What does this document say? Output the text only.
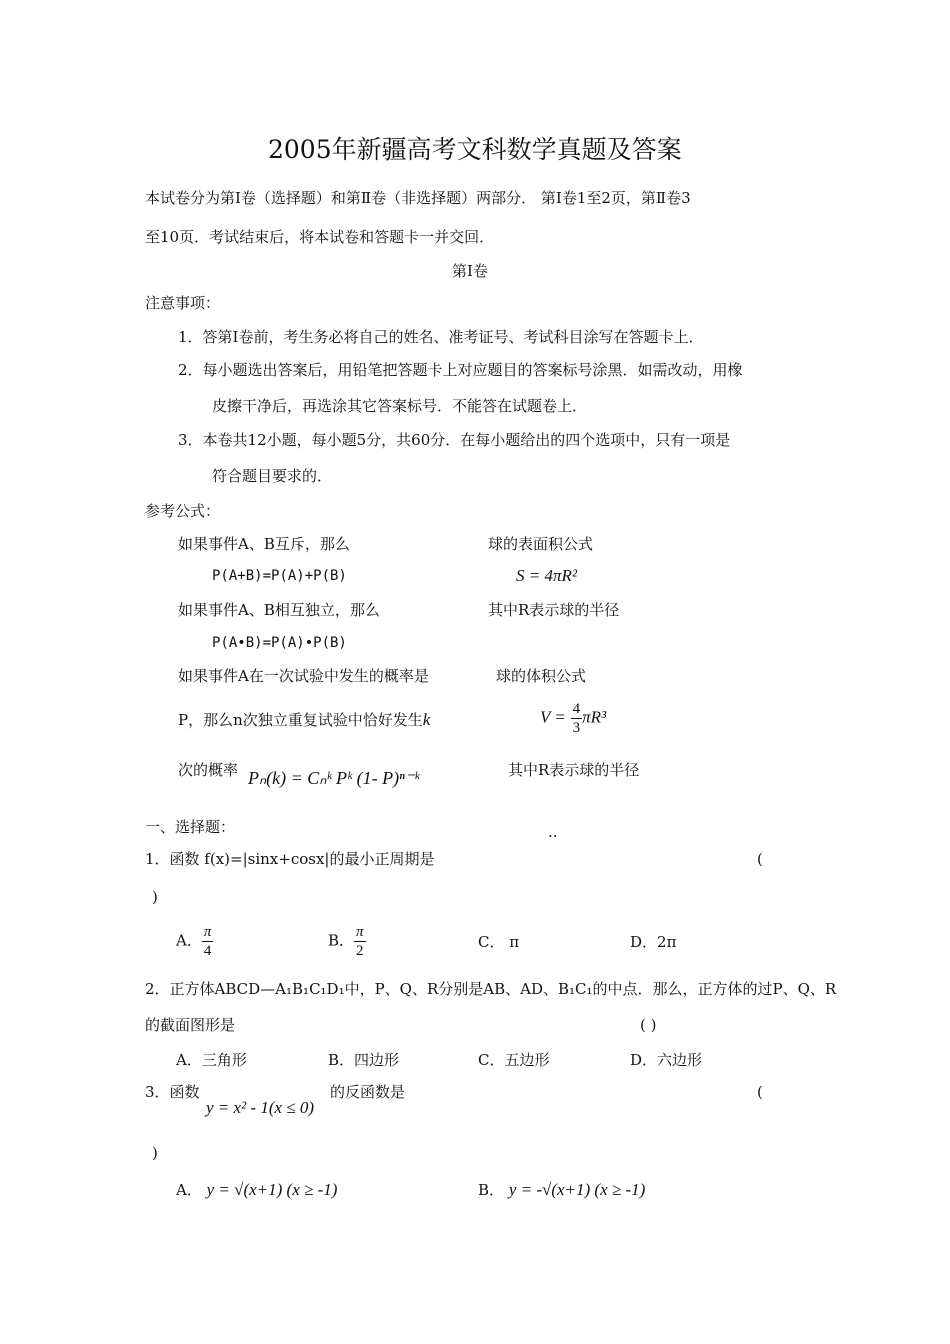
2005年新疆高考文科数学真题及答案
本试卷分为第Ⅰ卷（选择题）和第Ⅱ卷（非选择题）两部分． 第Ⅰ卷1至2页，第Ⅱ卷3
至10页．考试结束后，将本试卷和答题卡一并交回．
第Ⅰ卷
注意事项：
1．答第Ⅰ卷前，考生务必将自己的姓名、准考证号、考试科目涂写在答题卡上．
2．每小题选出答案后，用铅笔把答题卡上对应题目的答案标号涂黑．如需改动，用橡
皮擦干净后，再选涂其它答案标号．不能答在试题卷上．
3．本卷共12小题，每小题5分，共60分．在每小题给出的四个选项中，只有一项是
符合题目要求的．
参考公式：
如果事件A、B互斥，那么
P(A+B)=P(A)+P(B)
如果事件A、B相互独立，那么
P(A•B)=P(A)•P(B)
如果事件A在一次试验中发生的概率是
P，那么n次独立重复试验中恰好发生k
次的概率 Pₙ(k) = Cₙᵏ Pᵏ (1- P)ⁿ⁻ᵏ
球的表面积公式
S = 4πR²
其中R表示球的半径
球的体积公式
$V = \frac{4}{3} \pi R^3$
其中R表示球的半径
一、选择题：	..
1．函数 f(x)=|sinx+cosx|的最小正周期是	(
)
A． $\frac{\pi}{4}$	B． $\frac{\pi}{2}$	C． π	D．2π
2．正方体ABCD—A₁B₁C₁D₁中，P、Q、R分别是AB、AD、B₁C₁的中点．那么，正方体的过P、Q、R
的截面图形是	( )
A．三角形	B．四边形	C．五边形	D．六边形
3．函数
y = x² - 1(x ≤ 0)
的反函数是	(
)
A． y = √(x+1) (x ≥ -1)	B． y = -√(x+1) (x ≥ -1)
